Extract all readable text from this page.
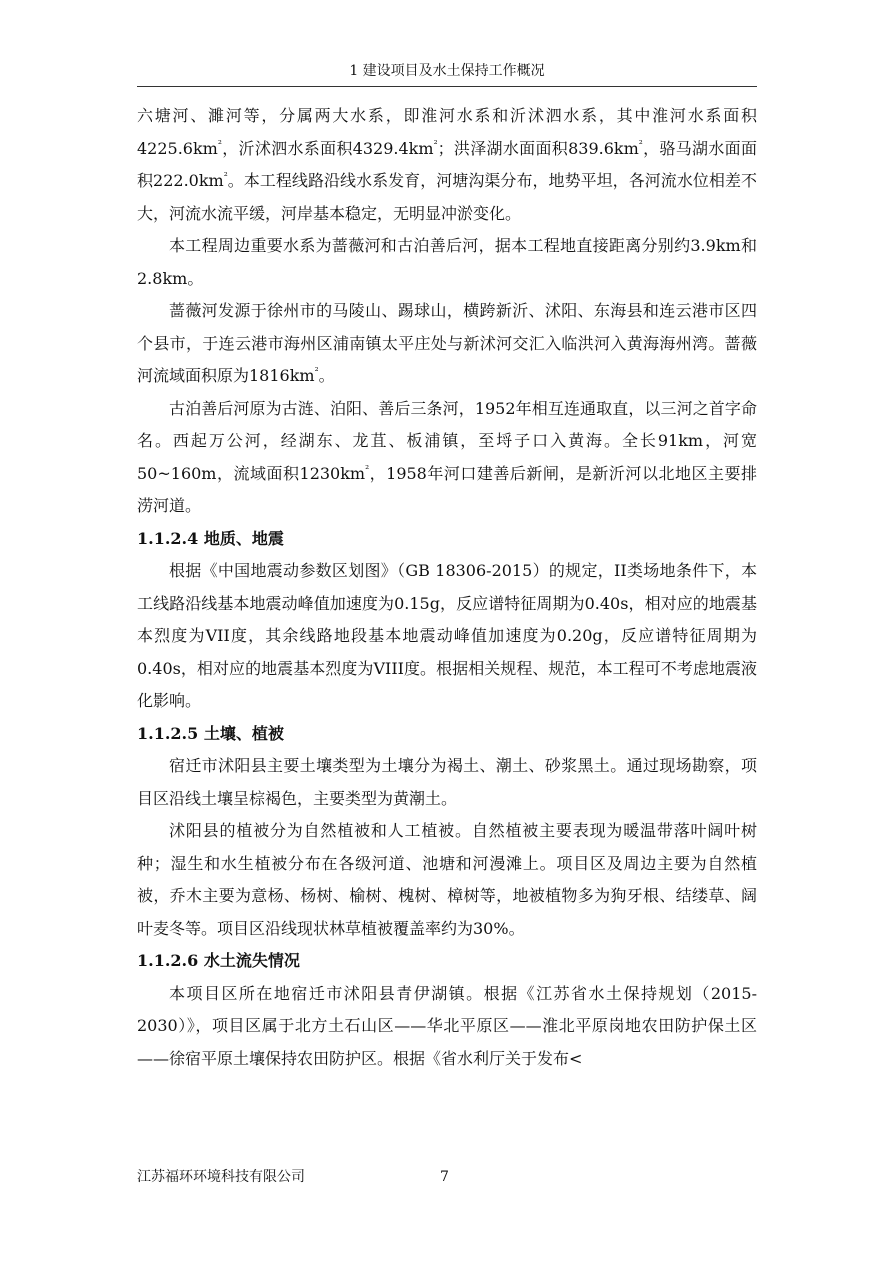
1 建设项目及水土保持工作概况

六塘河、濉河等，分属两大水系，即淮河水系和沂沭泗水系，其中淮河水系面积$4225.6km^{^2}$，沂沭泗水系面积$4329.4km^{^2}$；洪泽湖水面面积$839.6km^{^2}$，骆马湖水面面积$222.0km^{^2}$。本工程线路沿线水系发育，河塘沟渠分布，地势平坦，各河流水位相差不大，河流水流平缓，河岸基本稳定，无明显冲淤变化。

本工程周边重要水系为蔷薇河和古泊善后河，据本工程地直接距离分别约3.9km和2.8km。

蔷薇河发源于徐州市的马陵山、踢球山，横跨新沂、沭阳、东海县和连云港市区四个县市，于连云港市海州区浦南镇太平庄处与新沭河交汇入临洪河入黄海海州湾。蔷薇河流域面积原为$1816km^{^2}$。

古泊善后河原为古涟、泊阳、善后三条河，1952年相互连通取直，以三河之首字命名。西起万公河，经湖东、龙苴、板浦镇，至埒子口入黄海。全长91km，河宽50~160m，流域面积$1230km^{^2}$，1958年河口建善后新闸，是新沂河以北地区主要排涝河道。

1.1.2.4 地质、地震

根据《中国地震动参数区划图》（GB 18306-2015）的规定，II类场地条件下，本工线路沿线基本地震动峰值加速度为0.15g，反应谱特征周期为0.40s，相对应的地震基本烈度为VII度，其余线路地段基本地震动峰值加速度为0.20g，反应谱特征周期为0.40s，相对应的地震基本烈度为VIII度。根据相关规程、规范，本工程可不考虑地震液化影响。

1.1.2.5 土壤、植被

宿迁市沭阳县主要土壤类型为土壤分为褐土、潮土、砂浆黑土。通过现场勘察，项目区沿线土壤呈棕褐色，主要类型为黄潮土。

沭阳县的植被分为自然植被和人工植被。自然植被主要表现为暖温带落叶阔叶树种；湿生和水生植被分布在各级河道、池塘和河漫滩上。项目区及周边主要为自然植被，乔木主要为意杨、杨树、榆树、槐树、樟树等，地被植物多为狗牙根、结缕草、阔叶麦冬等。项目区沿线现状林草植被覆盖率约为30%。

1.1.2.6 水土流失情况

本项目区所在地宿迁市沭阳县青伊湖镇。根据《江苏省水土保持规划（2015-2030）》，项目区属于北方土石山区——华北平原区——淮北平原岗地农田防护保土区——徐宿平原土壤保持农田防护区。根据《省水利厅关于发布<

江苏福环环境科技有限公司	7
